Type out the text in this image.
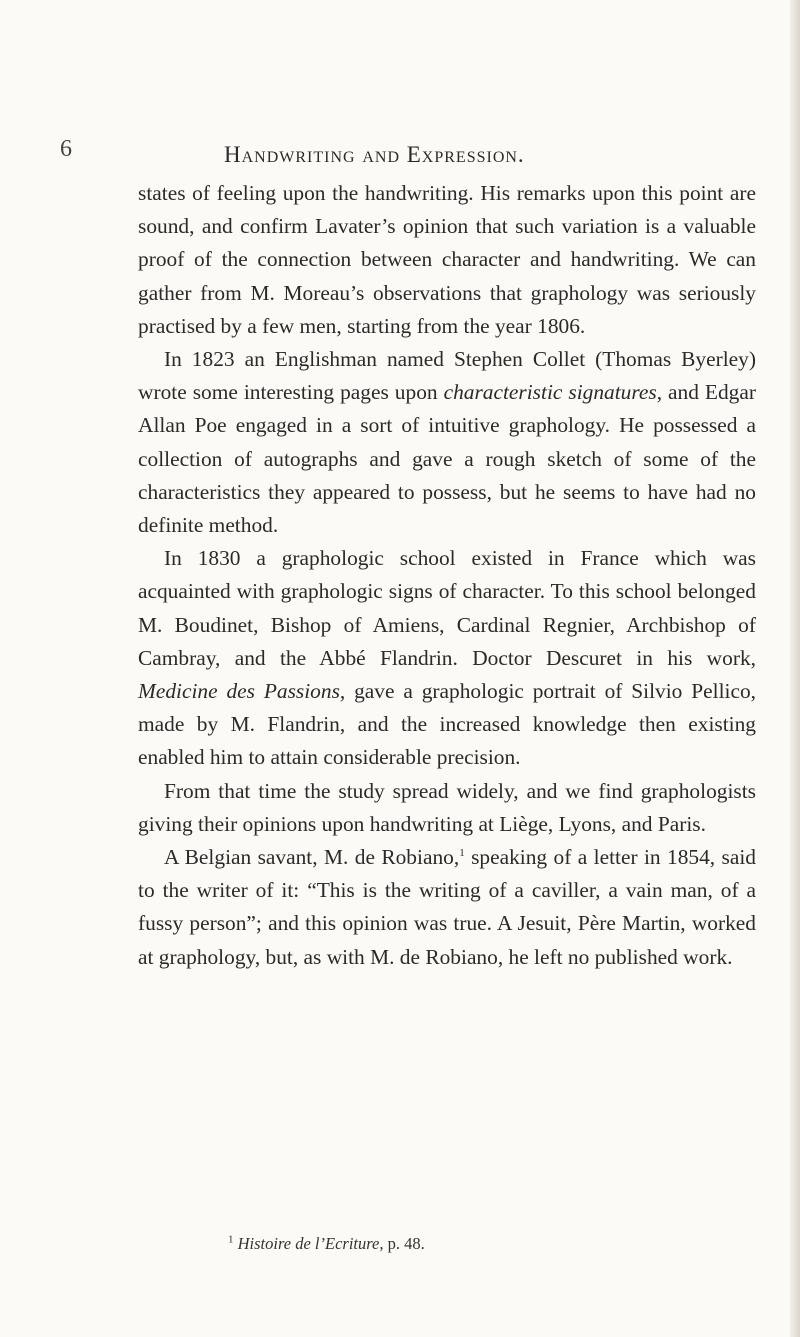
6	Handwriting and Expression.

states of feeling upon the handwriting. His remarks upon this point are sound, and confirm Lavater’s opinion that such variation is a valuable proof of the connection between character and handwriting. We can gather from M. Moreau’s observations that graphology was seriously practised by a few men, starting from the year 1806.

In 1823 an Englishman named Stephen Collet (Thomas Byerley) wrote some interesting pages upon characteristic signatures, and Edgar Allan Poe engaged in a sort of intuitive graphology. He possessed a collection of autographs and gave a rough sketch of some of the characteristics they appeared to possess, but he seems to have had no definite method.

In 1830 a graphologic school existed in France which was acquainted with graphologic signs of character. To this school belonged M. Boudinet, Bishop of Amiens, Cardinal Regnier, Archbishop of Cambray, and the Abbé Flandrin. Doctor Descuret in his work, Medicine des Passions, gave a graphologic portrait of Silvio Pellico, made by M. Flandrin, and the increased knowledge then existing enabled him to attain considerable precision.

From that time the study spread widely, and we find graphologists giving their opinions upon handwriting at Liège, Lyons, and Paris.

A Belgian savant, M. de Robiano,$^1$ speaking of a letter in 1854, said to the writer of it: “This is the writing of a caviller, a vain man, of a fussy person”; and this opinion was true. A Jesuit, Père Martin, worked at graphology, but, as with M. de Robiano, he left no published work.

$^1$ Histoire de l’Ecriture, p. 48.
